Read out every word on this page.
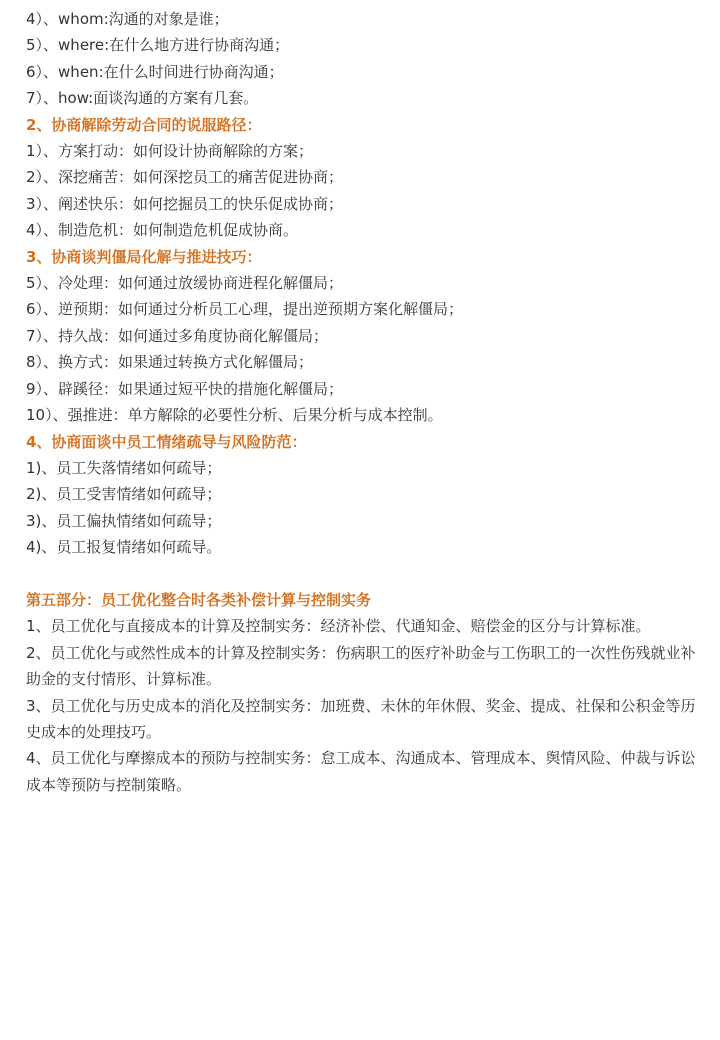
4）、whom:沟通的对象是谁；
5）、where:在什么地方进行协商沟通；
6）、when:在什么时间进行协商沟通；
7）、how:面谈沟通的方案有几套。
2、协商解除劳动合同的说服路径：
1）、方案打动：如何设计协商解除的方案；
2）、深挖痛苦：如何深挖员工的痛苦促进协商；
3）、阐述快乐：如何挖掘员工的快乐促成协商；
4）、制造危机：如何制造危机促成协商。
3、协商谈判僵局化解与推进技巧：
5）、冷处理：如何通过放缓协商进程化解僵局；
6）、逆预期：如何通过分析员工心理，提出逆预期方案化解僵局；
7）、持久战：如何通过多角度协商化解僵局；
8）、换方式：如果通过转换方式化解僵局；
9）、辟蹊径：如果通过短平快的措施化解僵局；
10）、强推进：单方解除的必要性分析、后果分析与成本控制。
4、协商面谈中员工情绪疏导与风险防范：
1)、员工失落情绪如何疏导；
2)、员工受害情绪如何疏导；
3)、员工偏执情绪如何疏导；
4)、员工报复情绪如何疏导。
第五部分：员工优化整合时各类补偿计算与控制实务
1、员工优化与直接成本的计算及控制实务：经济补偿、代通知金、赔偿金的区分与计算标准。
2、员工优化与或然性成本的计算及控制实务：伤病职工的医疗补助金与工伤职工的一次性伤残就业补助金的支付情形、计算标准。
3、员工优化与历史成本的消化及控制实务：加班费、未休的年休假、奖金、提成、社保和公积金等历史成本的处理技巧。
4、员工优化与摩擦成本的预防与控制实务：怠工成本、沟通成本、管理成本、舆情风险、仲裁与诉讼成本等预防与控制策略。
